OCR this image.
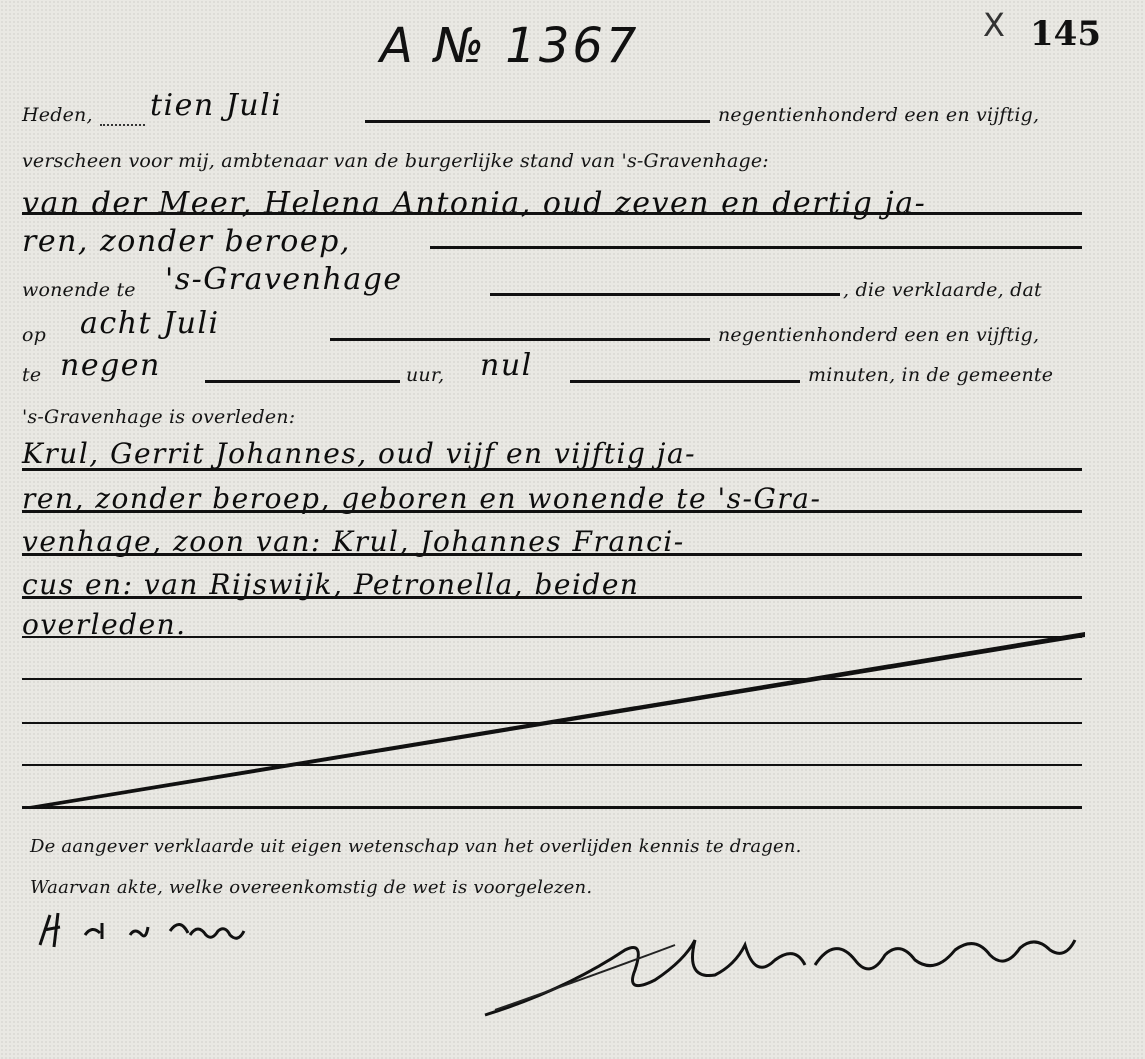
A № 1367	X 145
Heden, tien Juli	negentienhonderd een en vijftig,
verscheen voor mij, ambtenaar van de burgerlijke stand van 's-Gravenhage:
van der Meer, Helena Antonia, oud zeven en dertig ja-
ren, zonder beroep,
wonende te 's-Gravenhage	, die verklaarde, dat
op acht Juli	negentienhonderd een en vijftig,
te negen	uur, nul	minuten, in de gemeente
's-Gravenhage is overleden:
Krul, Gerrit Johannes, oud vijf en vijftig ja-
ren, zonder beroep, geboren en wonende te 's-Gra-
venhage, zoon van: Krul, Johannes Franci-
cus en: van Rijswijk, Petronella, beiden
overleden.
De aangever verklaarde uit eigen wetenschap van het overlijden kennis te dragen.
Waarvan akte, welke overeenkomstig de wet is voorgelezen.
